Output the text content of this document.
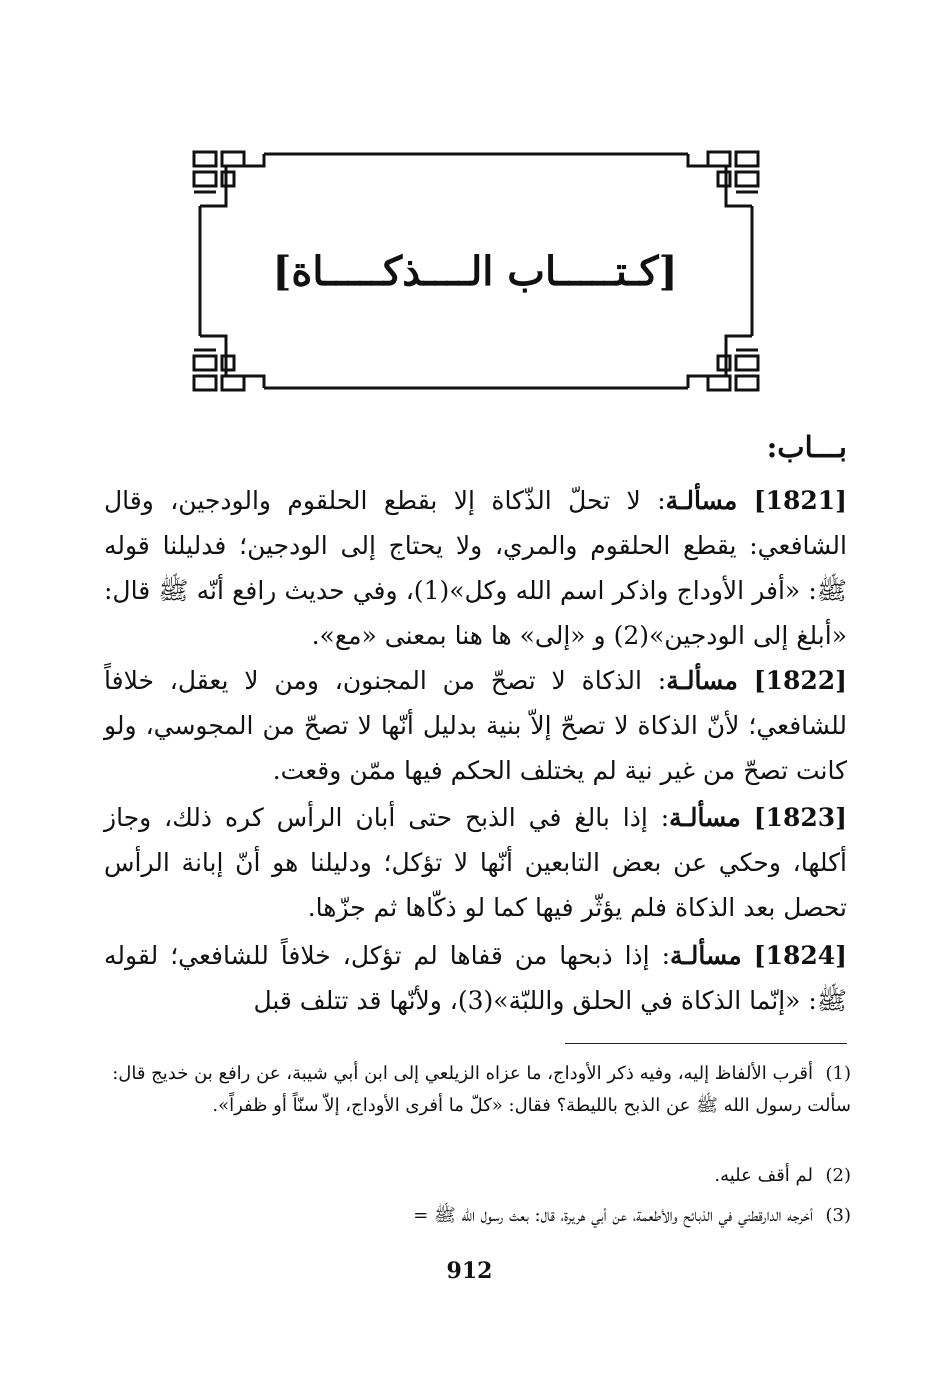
[كـتـــــاب الــــذكـــــاة]
بـــاب:

[1821] مسألـة: لا تحلّ الذّكاة إلا بقطع الحلقوم والودجين، وقال الشافعي: يقطع الحلقوم والمري، ولا يحتاج إلى الودجين؛ فدليلنا قوله ﷺ: «أفر الأوداج واذكر اسم الله وكل»(1)، وفي حديث رافع أنّه ﷺ قال: «أبلغ إلى الودجين»(2) و «إلى» ها هنا بمعنى «مع».

[1822] مسألـة: الذكاة لا تصحّ من المجنون، ومن لا يعقل، خلافاً للشافعي؛ لأنّ الذكاة لا تصحّ إلاّ بنية بدليل أنّها لا تصحّ من المجوسي، ولو كانت تصحّ من غير نية لم يختلف الحكم فيها ممّن وقعت.

[1823] مسألـة: إذا بالغ في الذبح حتى أبان الرأس كره ذلك، وجاز أكلها، وحكي عن بعض التابعين أنّها لا تؤكل؛ ودليلنا هو أنّ إبانة الرأس تحصل بعد الذكاة فلم يؤثّر فيها كما لو ذكّاها ثم جزّها.

[1824] مسألـة: إذا ذبحها من قفاها لم تؤكل، خلافاً للشافعي؛ لقوله ﷺ: «إنّما الذكاة في الحلق واللبّة»(3)، ولأنّها قد تتلف قبل

(1)أقرب الألفاظ إليه، وفيه ذكر الأوداج، ما عزاه الزيلعي إلى ابن أبي شيبة، عن رافع بن خديج قال: سألت رسول الله ﷺ عن الذبح بالليطة؟ فقال: «كلّ ما أفرى الأوداج، إلاّ سنّاً أو ظفراً».
(2)لم أقف عليه.
(3)أخرجه الدارقطني في الذبائح والأطعمة، عن أبي هريرة، قال: بعث رسول الله ﷺ =
912
